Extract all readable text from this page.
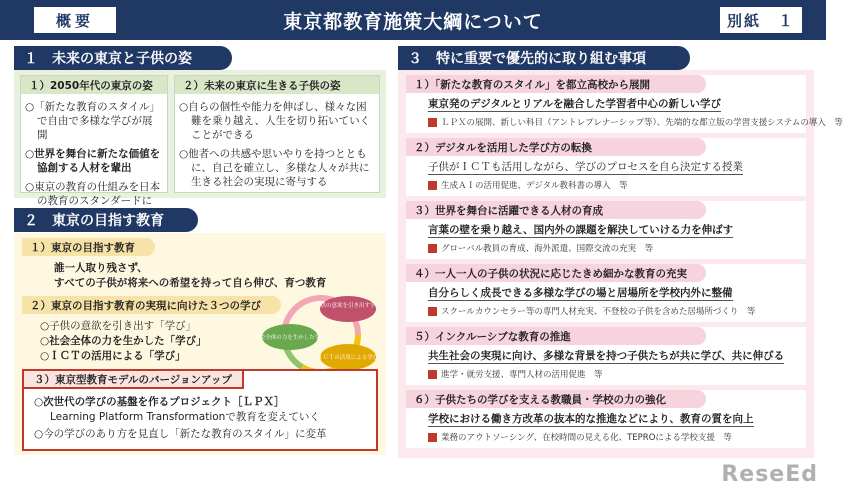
概要	東京都教育施策大綱について	別紙　１
１　未来の東京と子供の姿
１）2050年代の東京の姿
○「新たな教育のスタイル」で自由で多様な学びが展開
○世界を舞台に新たな価値を協創する人材を輩出
○東京の教育の仕組みを日本の教育のスタンダードに
２）未来の東京に生きる子供の姿
○自らの個性や能力を伸ばし、様々な困難を乗り越え、人生を切り拓いていくことができる
○他者への共感や思いやりを持つとともに、自己を確立し、多様な人々が共に生きる社会の実現に寄与する
２　東京の目指す教育
１）東京の目指す教育
誰一人取り残さず、
すべての子供が将来への希望を持って自ら伸び、育つ教育
２）東京の目指す教育の実現に向けた３つの学び
○子供の意欲を引き出す「学び」
○社会全体の力を生かした「学び」
○ＩＣＴの活用による「学び」
子供の意欲を引き出す学び
社会全体の力を生かした学び
ＩＣＴの活用による学び
３）東京型教育モデルのバージョンアップ
○次世代の学びの基盤を作るプロジェクト［ＬＰＸ］
Learning Platform Transformationで教育を変えていく
○今の学びのあり方を見直し「新たな教育のスタイル」に変革
３　特に重要で優先的に取り組む事項
１）「新たな教育のスタイル」を都立高校から展開
東京発のデジタルとリアルを融合した学習者中心の新しい学び
ＬＰＸの展開、新しい科目（アントレプレナーシップ等）、先端的な都立版の学習支援システムの導入　等
２）デジタルを活用した学び方の転換
子供がＩＣＴも活用しながら、学びのプロセスを自ら決定する授業
生成ＡＩの活用促進、デジタル教科書の導入　等
３）世界を舞台に活躍できる人材の育成
言葉の壁を乗り越え、国内外の課題を解決していける力を伸ばす
グローバル教員の育成、海外派遣、国際交流の充実　等
４）一人一人の子供の状況に応じたきめ細かな教育の充実
自分らしく成長できる多様な学びの場と居場所を学校内外に整備
スクールカウンセラー等の専門人材充実、不登校の子供を含めた居場所づくり　等
５）インクルーシブな教育の推進
共生社会の実現に向け、多様な背景を持つ子供たちが共に学び、共に伸びる
進学・就労支援、専門人材の活用促進　等
６）子供たちの学びを支える教職員・学校の力の強化
学校における働き方改革の抜本的な推進などにより、教育の質を向上
業務のアウトソーシング、在校時間の見える化、TEPROによる学校支援　等
ReseEd
